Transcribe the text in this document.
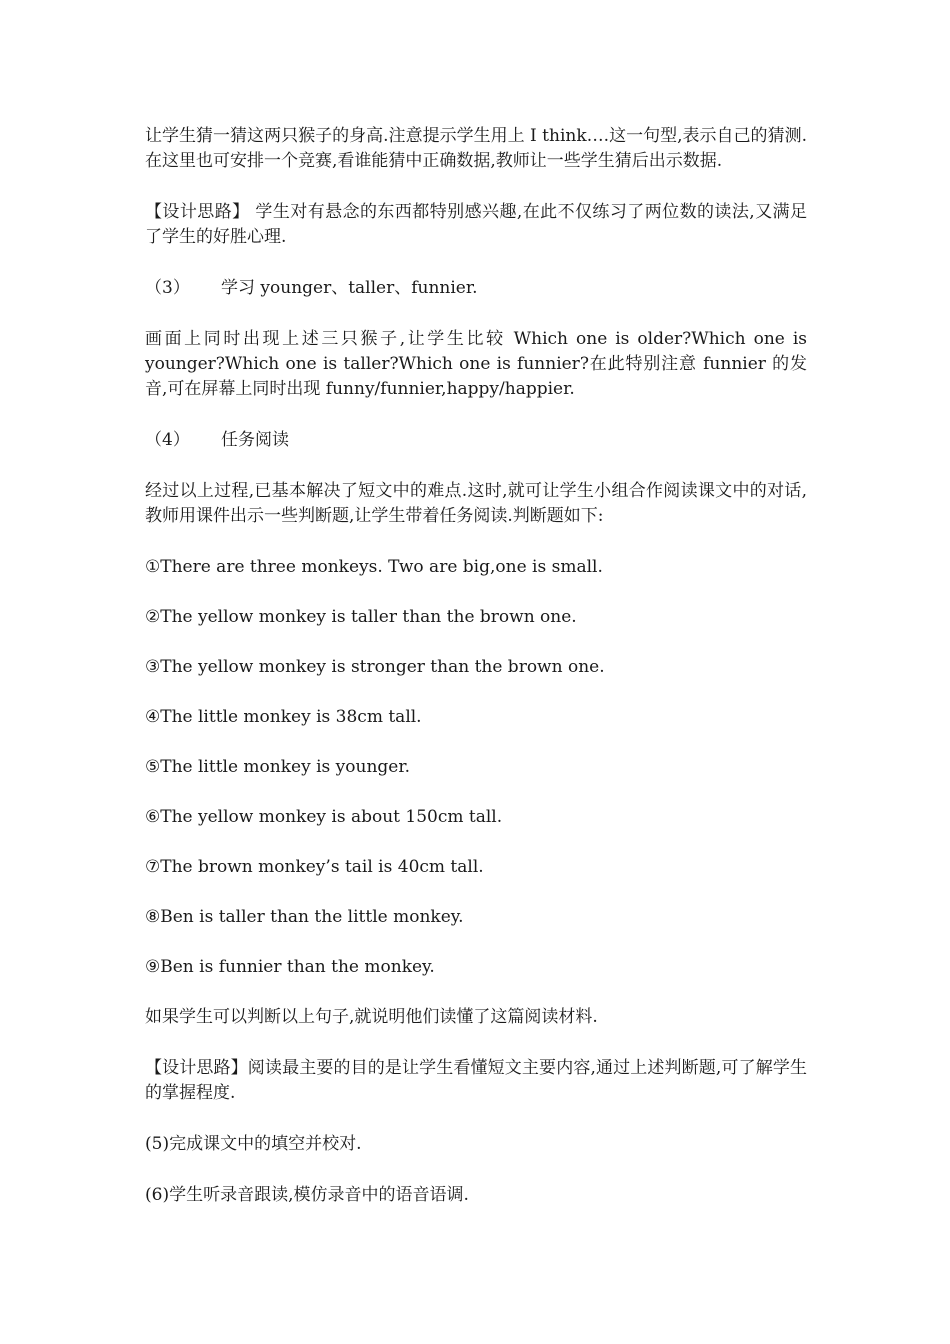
让学生猜一猜这两只猴子的身高.注意提示学生用上 I think….这一句型,表示自己的猜测.在这里也可安排一个竞赛,看谁能猜中正确数据,教师让一些学生猜后出示数据.

【设计思路】 学生对有悬念的东西都特别感兴趣,在此不仅练习了两位数的读法,又满足了学生的好胜心理.

（3） 学习 younger、taller、funnier.

画面上同时出现上述三只猴子,让学生比较 Which one is older?Which one is younger?Which one is taller?Which one is funnier?在此特别注意 funnier 的发音,可在屏幕上同时出现 funny/funnier,happy/happier.

（4） 任务阅读

经过以上过程,已基本解决了短文中的难点.这时,就可让学生小组合作阅读课文中的对话,教师用课件出示一些判断题,让学生带着任务阅读.判断题如下:

①There are three monkeys. Two are big,one is small.

②The yellow monkey is taller than the brown one.

③The yellow monkey is stronger than the brown one.

④The little monkey is 38cm tall.

⑤The little monkey is younger.

⑥The yellow monkey is about 150cm tall.

⑦The brown monkey’s tail is 40cm tall.

⑧Ben is taller than the little monkey.

⑨Ben is funnier than the monkey.

如果学生可以判断以上句子,就说明他们读懂了这篇阅读材料.

【设计思路】阅读最主要的目的是让学生看懂短文主要内容,通过上述判断题,可了解学生的掌握程度.

(5)完成课文中的填空并校对.

(6)学生听录音跟读,模仿录音中的语音语调.
